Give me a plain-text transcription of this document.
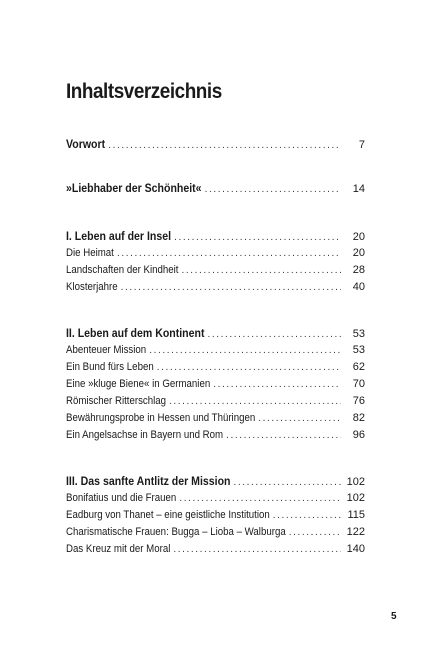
Inhaltsverzeichnis
Vorwort .....	7
»Liebhaber der Schönheit« .....	14
I. Leben auf der Insel .....	20
Die Heimat .....	20
Landschaften der Kindheit .....	28
Klosterjahre .....	40
II. Leben auf dem Kontinent .....	53
Abenteuer Mission .....	53
Ein Bund fürs Leben .....	62
Eine »kluge Biene« in Germanien .....	70
Römischer Ritterschlag .....	76
Bewährungsprobe in Hessen und Thüringen .....	82
Ein Angelsachse in Bayern und Rom .....	96
III. Das sanfte Antlitz der Mission .....	102
Bonifatius und die Frauen .....	102
Eadburg von Thanet – eine geistliche Institution .....	115
Charismatische Frauen: Bugga – Lioba – Walburga .....	122
Das Kreuz mit der Moral .....	140
5
